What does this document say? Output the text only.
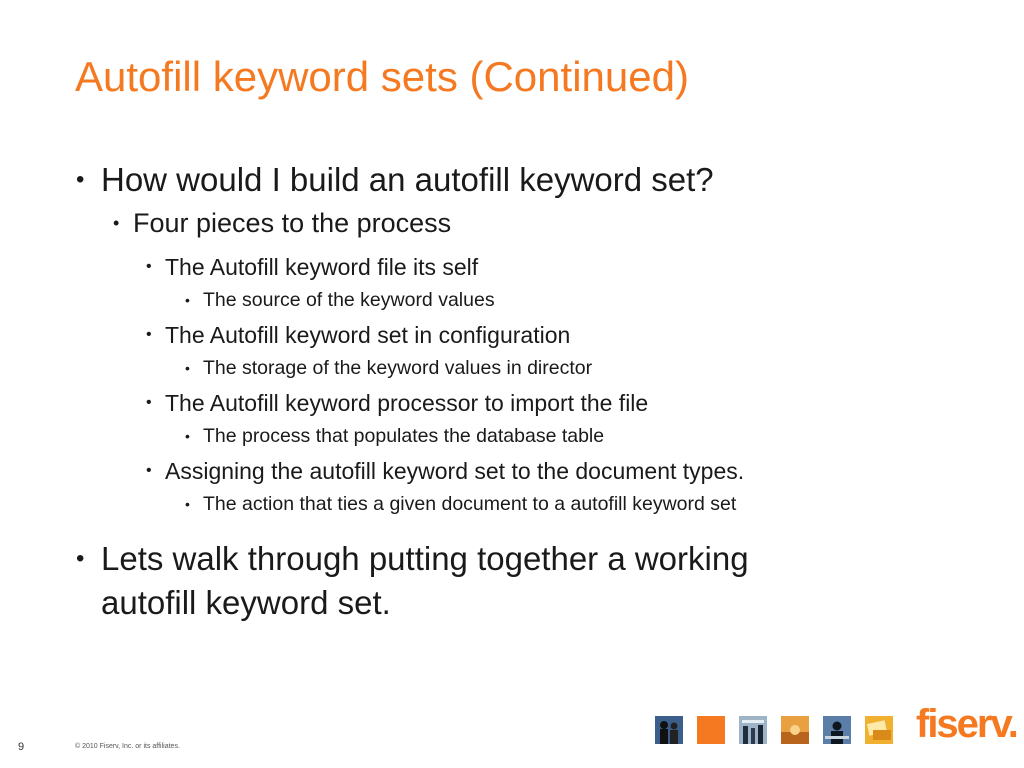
Autofill keyword sets (Continued)
• How would I build an autofill keyword set?
• Four pieces to the process
• The Autofill keyword file its self
• The source of the keyword values
• The Autofill keyword set in configuration
• The storage of the keyword values in director
• The Autofill keyword processor to import the file
• The process that populates the database table
• Assigning the autofill keyword set to the document types.
• The action that ties a given document to a autofill keyword set
• Lets walk through putting together a working
autofill keyword set.
9	© 2010 Fiserv, Inc. or its affiliates.
fiserv.
